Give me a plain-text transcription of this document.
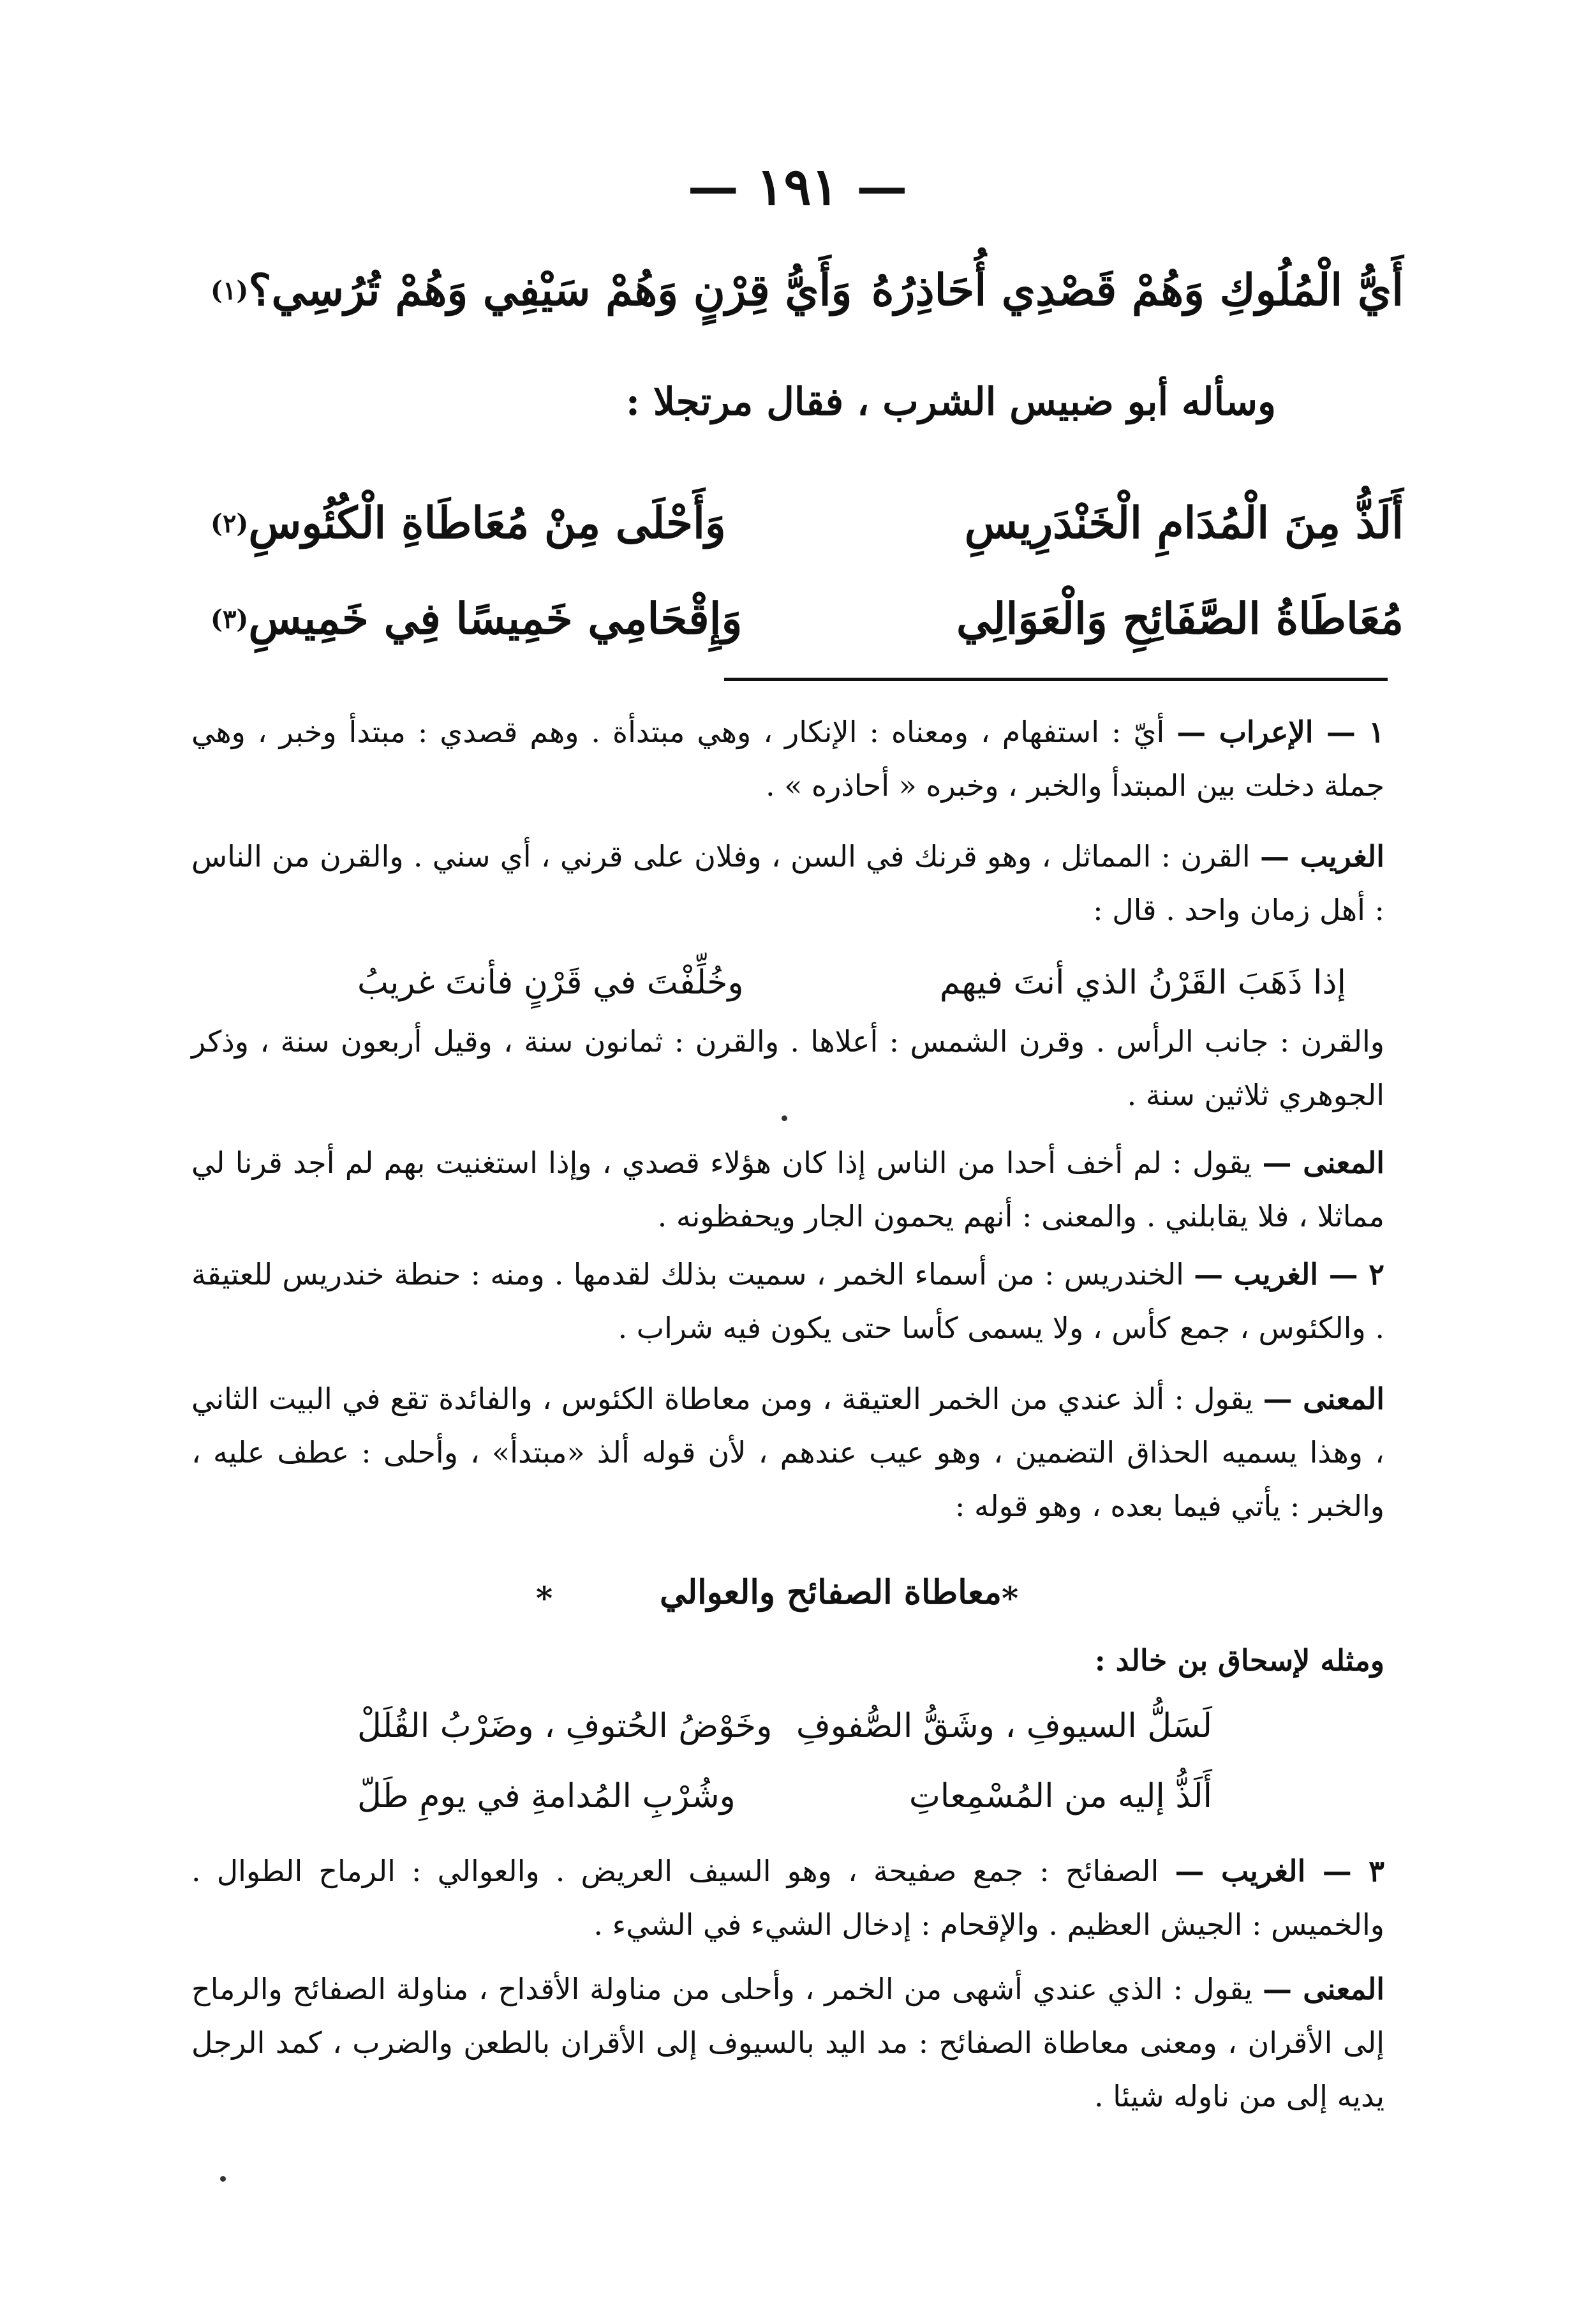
— ١٩١ —
أَيُّ الْمُلُوكِ وَهُمْ قَصْدِي أُحَاذِرُهُ
وَأَيُّ قِرْنٍ وَهُمْ سَيْفِي وَهُمْ تُرُسِي؟
(١)
وسأله أبو ضبيس الشرب ، فقال مرتجلا :
أَلَذُّ مِنَ الْمُدَامِ الْخَنْدَرِيسِ
وَأَحْلَى مِنْ مُعَاطَاةِ الْكُئُوسِ
(٢)
مُعَاطَاةُ الصَّفَائِحِ وَالْعَوَالِي
وَإِقْحَامِي خَمِيسًا فِي خَمِيسِ
(٣)

١ — الإعراب — أيّ : استفهام ، ومعناه : الإنكار ، وهي مبتدأة . وهم قصدي : مبتدأ وخبر ، وهي جملة دخلت بين المبتدأ والخبر ، وخبره « أحاذره » .

الغريب — القرن : المماثل ، وهو قرنك في السن ، وفلان على قرني ، أي سني . والقرن من الناس : أهل زمان واحد . قال :

إذا ذَهَبَ القَرْنُ الذي أنتَ فيهم
وخُلِّفْتَ في قَرْنٍ فأنتَ غريبُ

والقرن : جانب الرأس . وقرن الشمس : أعلاها . والقرن : ثمانون سنة ، وقيل أربعون سنة ، وذكر الجوهري ثلاثين سنة .

المعنى — يقول : لم أخف أحدا من الناس إذا كان هؤلاء قصدي ، وإذا استغنيت بهم لم أجد قرنا لي مماثلا ، فلا يقابلني . والمعنى : أنهم يحمون الجار ويحفظونه .

٢ — الغريب — الخندريس : من أسماء الخمر ، سميت بذلك لقدمها . ومنه : حنطة خندريس للعتيقة . والكئوس ، جمع كأس ، ولا يسمى كأسا حتى يكون فيه شراب .

المعنى — يقول : ألذ عندي من الخمر العتيقة ، ومن معاطاة الكئوس ، والفائدة تقع في البيت الثاني ، وهذا يسميه الحذاق التضمين ، وهو عيب عندهم ، لأن قوله ألذ «مبتدأ» ، وأحلى : عطف عليه ، والخبر : يأتي فيما بعده ، وهو قوله :

*
معاطاة الصفائح والعوالي
*

ومثله لإسحاق بن خالد :

لَسَلُّ السيوفِ ، وشَقُّ الصُّفوفِ
وخَوْضُ الحُتوفِ ، وضَرْبُ القُلَلْ
أَلَذُّ إليه من المُسْمِعاتِ
وشُرْبِ المُدامةِ في يومِ طَلّ

٣ — الغريب — الصفائح : جمع صفيحة ، وهو السيف العريض . والعوالي : الرماح الطوال . والخميس : الجيش العظيم . والإقحام : إدخال الشيء في الشيء .

المعنى — يقول : الذي عندي أشهى من الخمر ، وأحلى من مناولة الأقداح ، مناولة الصفائح والرماح إلى الأقران ، ومعنى معاطاة الصفائح : مد اليد بالسيوف إلى الأقران بالطعن والضرب ، كمد الرجل يديه إلى من ناوله شيئا .
